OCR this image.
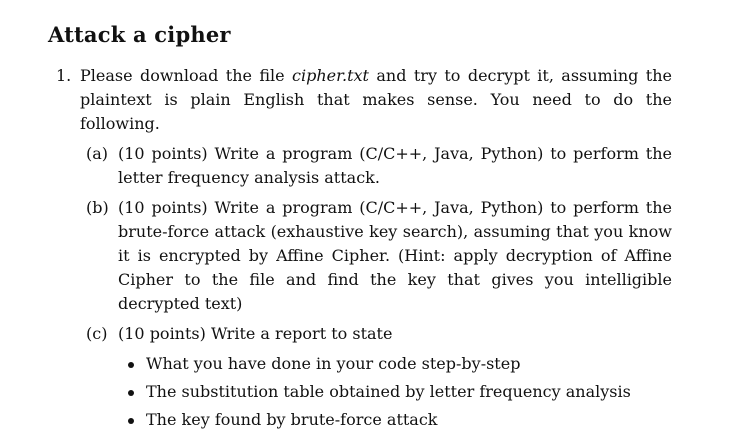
Attack a cipher
1. Please download the file cipher.txt and try to decrypt it, assuming the plaintext is plain English that makes sense. You need to do the following.
(a) (10 points) Write a program (C/C++, Java, Python) to perform the letter frequency analysis attack.
(b) (10 points) Write a program (C/C++, Java, Python) to perform the brute-force attack (exhaustive key search), assuming that you know it is encrypted by Affine Cipher. (Hint: apply decryption of Affine Cipher to the file and find the key that gives you intelligible decrypted text)
(c) (10 points) Write a report to state
What you have done in your code step-by-step
The substitution table obtained by letter frequency analysis
The key found by brute-force attack
